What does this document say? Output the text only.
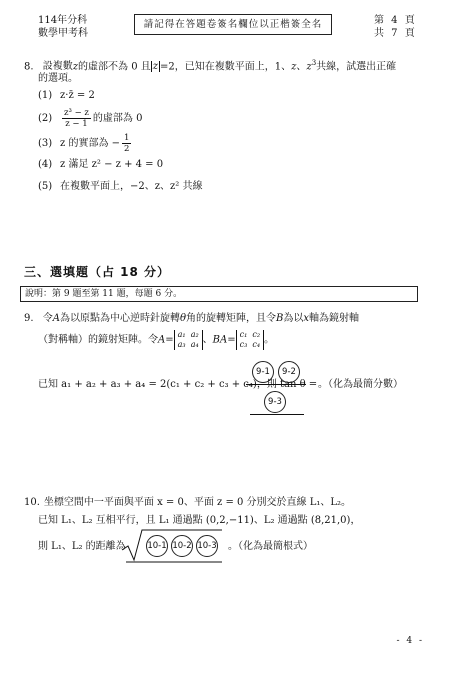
114年分科
數學甲考科
請記得在答題卷簽名欄位以正楷簽全名	第 4 頁
共 7 頁
8. 設複數z的虛部不為 0 且 z =2，已知在複數平面上，1、z、$z^3$共線，試選出正確
的選項。
(1) z·z̄ = 2
$(2) \frac{\text{z³ − z}}{z - 1}$ 的虛部為 0
(3) z 的實部為 − $\frac{1}{2}$
(4) z 滿足 z² − z + 4 = 0
(5) 在複數平面上，−2、z、z² 共線
三、選填題（占 18 分）
說明：第 9 題至第 11 題，每題 6 分。
9. 令A為以原點為中心逆時針旋轉θ角的旋轉矩陣，且令B為以x軸為鏡射軸
（對稱軸）的鏡射矩陣。令A= a₁  a₂
a₃  a₄ 、BA= c₁  c₂
c₃  c₄ 。
9-1	9-2
9-3
已知 a₁ + a₂ + a₃ + a₄ = 2(c₁ + c₂ + c₃ + c₄)，則 tan θ = 。（化為最簡分數）
10. 坐標空間中一平面與平面 x = 0、平面 z = 0 分別交於直線 L₁、L₂。
已知 L₁、L₂ 互相平行，且 L₁ 通過點 (0,2,−11)、L₂ 通過點 (8,21,0)，
則 L₁、L₂ 的距離為	10-1 10-2 10-3 。（化為最簡根式）
- 4 -
